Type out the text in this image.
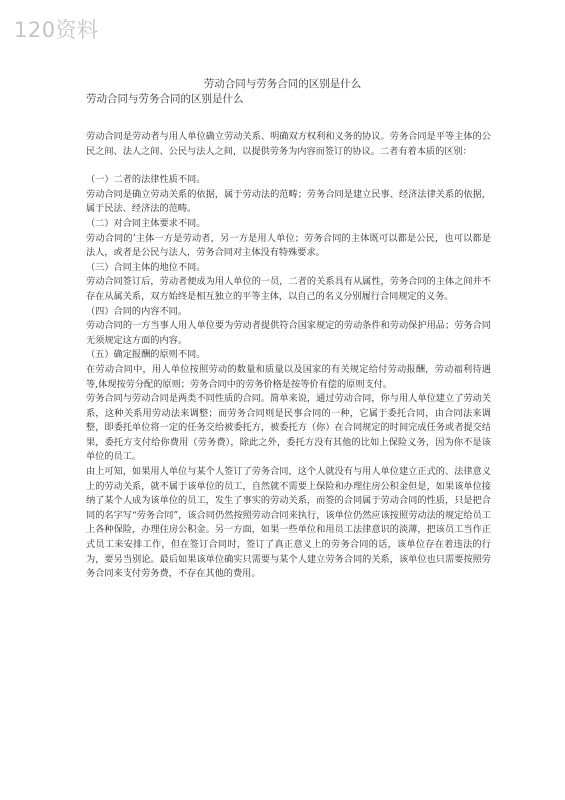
120资料
劳动合同与劳务合同的区别是什么
劳动合同与劳务合同的区别是什么

劳动合同是劳动者与用人单位确立劳动关系、明确双方权利和义务的协议。劳务合同是平等主体的公民之间、法人之间、公民与法人之间，以提供劳务为内容而签订的协议。二者有着本质的区别：

（一）二者的法律性质不同。

劳动合同是确立劳动关系的依据，属于劳动法的范畴；劳务合同是建立民事、经济法律关系的依据，属于民法、经济法的范畴。

（二）对合同主体要求不同。

劳动合同的’主体一方是劳动者，另一方是用人单位；劳务合同的主体既可以都是公民，也可以都是法人，或者是公民与法人，劳务合同对主体没有特殊要求。

（三）合同主体的地位不同。

劳动合同签订后，劳动者便成为用人单位的一员，二者的关系具有从属性，劳务合同的主体之间并不存在从属关系，双方始终是相互独立的平等主体，以自己的名义分别履行合同规定的义务。

（四）合同的内容不同。

劳动合同的一方当事人用人单位要为劳动者提供符合国家规定的劳动条件和劳动保护用品；劳务合同无须规定这方面的内容。

（五）确定报酬的原则不同。

在劳动合同中，用人单位按照劳动的数量和质量以及国家的有关规定给付劳动报酬，劳动福利待遇等,体现按劳分配的原则；劳务合同中的劳务价格是按等价有偿的原则支付。

劳务合同与劳动合同是两类不同性质的合同。简单来说，通过劳动合同，你与用人单位建立了劳动关系，这种关系用劳动法来调整；而劳务合同则是民事合同的一种，它属于委托合同，由合同法来调整，即委托单位将一定的任务交给被委托方，被委托方（你）在合同规定的时间完成任务或者提交结果，委托方支付给你费用（劳务费），除此之外，委托方没有其他的比如上保险义务，因为你不是该单位的员工。

由上可知，如果用人单位与某个人签订了劳务合同，这个人就没有与用人单位建立正式的、法律意义上的劳动关系，就不属于该单位的员工，自然就不需要上保险和办理住房公积金但是，如果该单位接纳了某个人成为该单位的员工，发生了事实的劳动关系，而签的合同属于劳动合同的性质，只是把合同的名字写“劳务合同”，该合同仍然按照劳动合同来执行，该单位仍然应该按照劳动法的规定给员工上各种保险，办理住房公积金。另一方面，如果一些单位和用员工法律意识的淡薄，把该员工当作正式员工来安排工作，但在签订合同时，签订了真正意义上的劳务合同的话，该单位存在着违法的行为，要另当别论。最后如果该单位确实只需要与某个人建立劳务合同的关系，该单位也只需要按照劳务合同来支付劳务费，不存在其他的费用。
